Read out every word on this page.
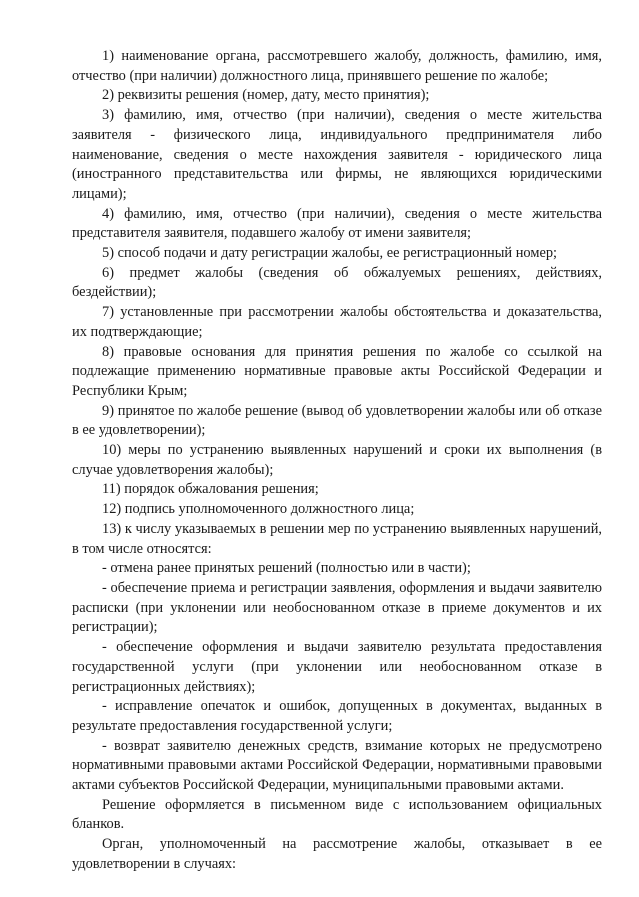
1) наименование органа, рассмотревшего жалобу, должность, фамилию, имя, отчество (при наличии) должностного лица, принявшего решение по жалобе;

2) реквизиты решения (номер, дату, место принятия);

3) фамилию, имя, отчество (при наличии), сведения о месте жительства заявителя - физического лица, индивидуального предпринимателя либо наименование, сведения о месте нахождения заявителя - юридического лица (иностранного представительства или фирмы, не являющихся юридическими лицами);

4) фамилию, имя, отчество (при наличии), сведения о месте жительства представителя заявителя, подавшего жалобу от имени заявителя;

5) способ подачи и дату регистрации жалобы, ее регистрационный номер;

6) предмет жалобы (сведения об обжалуемых решениях, действиях, бездействии);

7) установленные при рассмотрении жалобы обстоятельства и доказательства, их подтверждающие;

8) правовые основания для принятия решения по жалобе со ссылкой на подлежащие применению нормативные правовые акты Российской Федерации и Республики Крым;

9) принятое по жалобе решение (вывод об удовлетворении жалобы или об отказе в ее удовлетворении);

10) меры по устранению выявленных нарушений и сроки их выполнения (в случае удовлетворения жалобы);

11) порядок обжалования решения;

12) подпись уполномоченного должностного лица;

13) к числу указываемых в решении мер по устранению выявленных нарушений, в том числе относятся:

- отмена ранее принятых решений (полностью или в части);

- обеспечение приема и регистрации заявления, оформления и выдачи заявителю расписки (при уклонении или необоснованном отказе в приеме документов и их регистрации);

- обеспечение оформления и выдачи заявителю результата предоставления государственной услуги (при уклонении или необоснованном отказе в регистрационных действиях);

- исправление опечаток и ошибок, допущенных в документах, выданных в результате предоставления государственной услуги;

- возврат заявителю денежных средств, взимание которых не предусмотрено нормативными правовыми актами Российской Федерации, нормативными правовыми актами субъектов Российской Федерации, муниципальными правовыми актами.

Решение оформляется в письменном виде с использованием официальных бланков.

Орган, уполномоченный на рассмотрение жалобы, отказывает в ее удовлетворении в случаях:
